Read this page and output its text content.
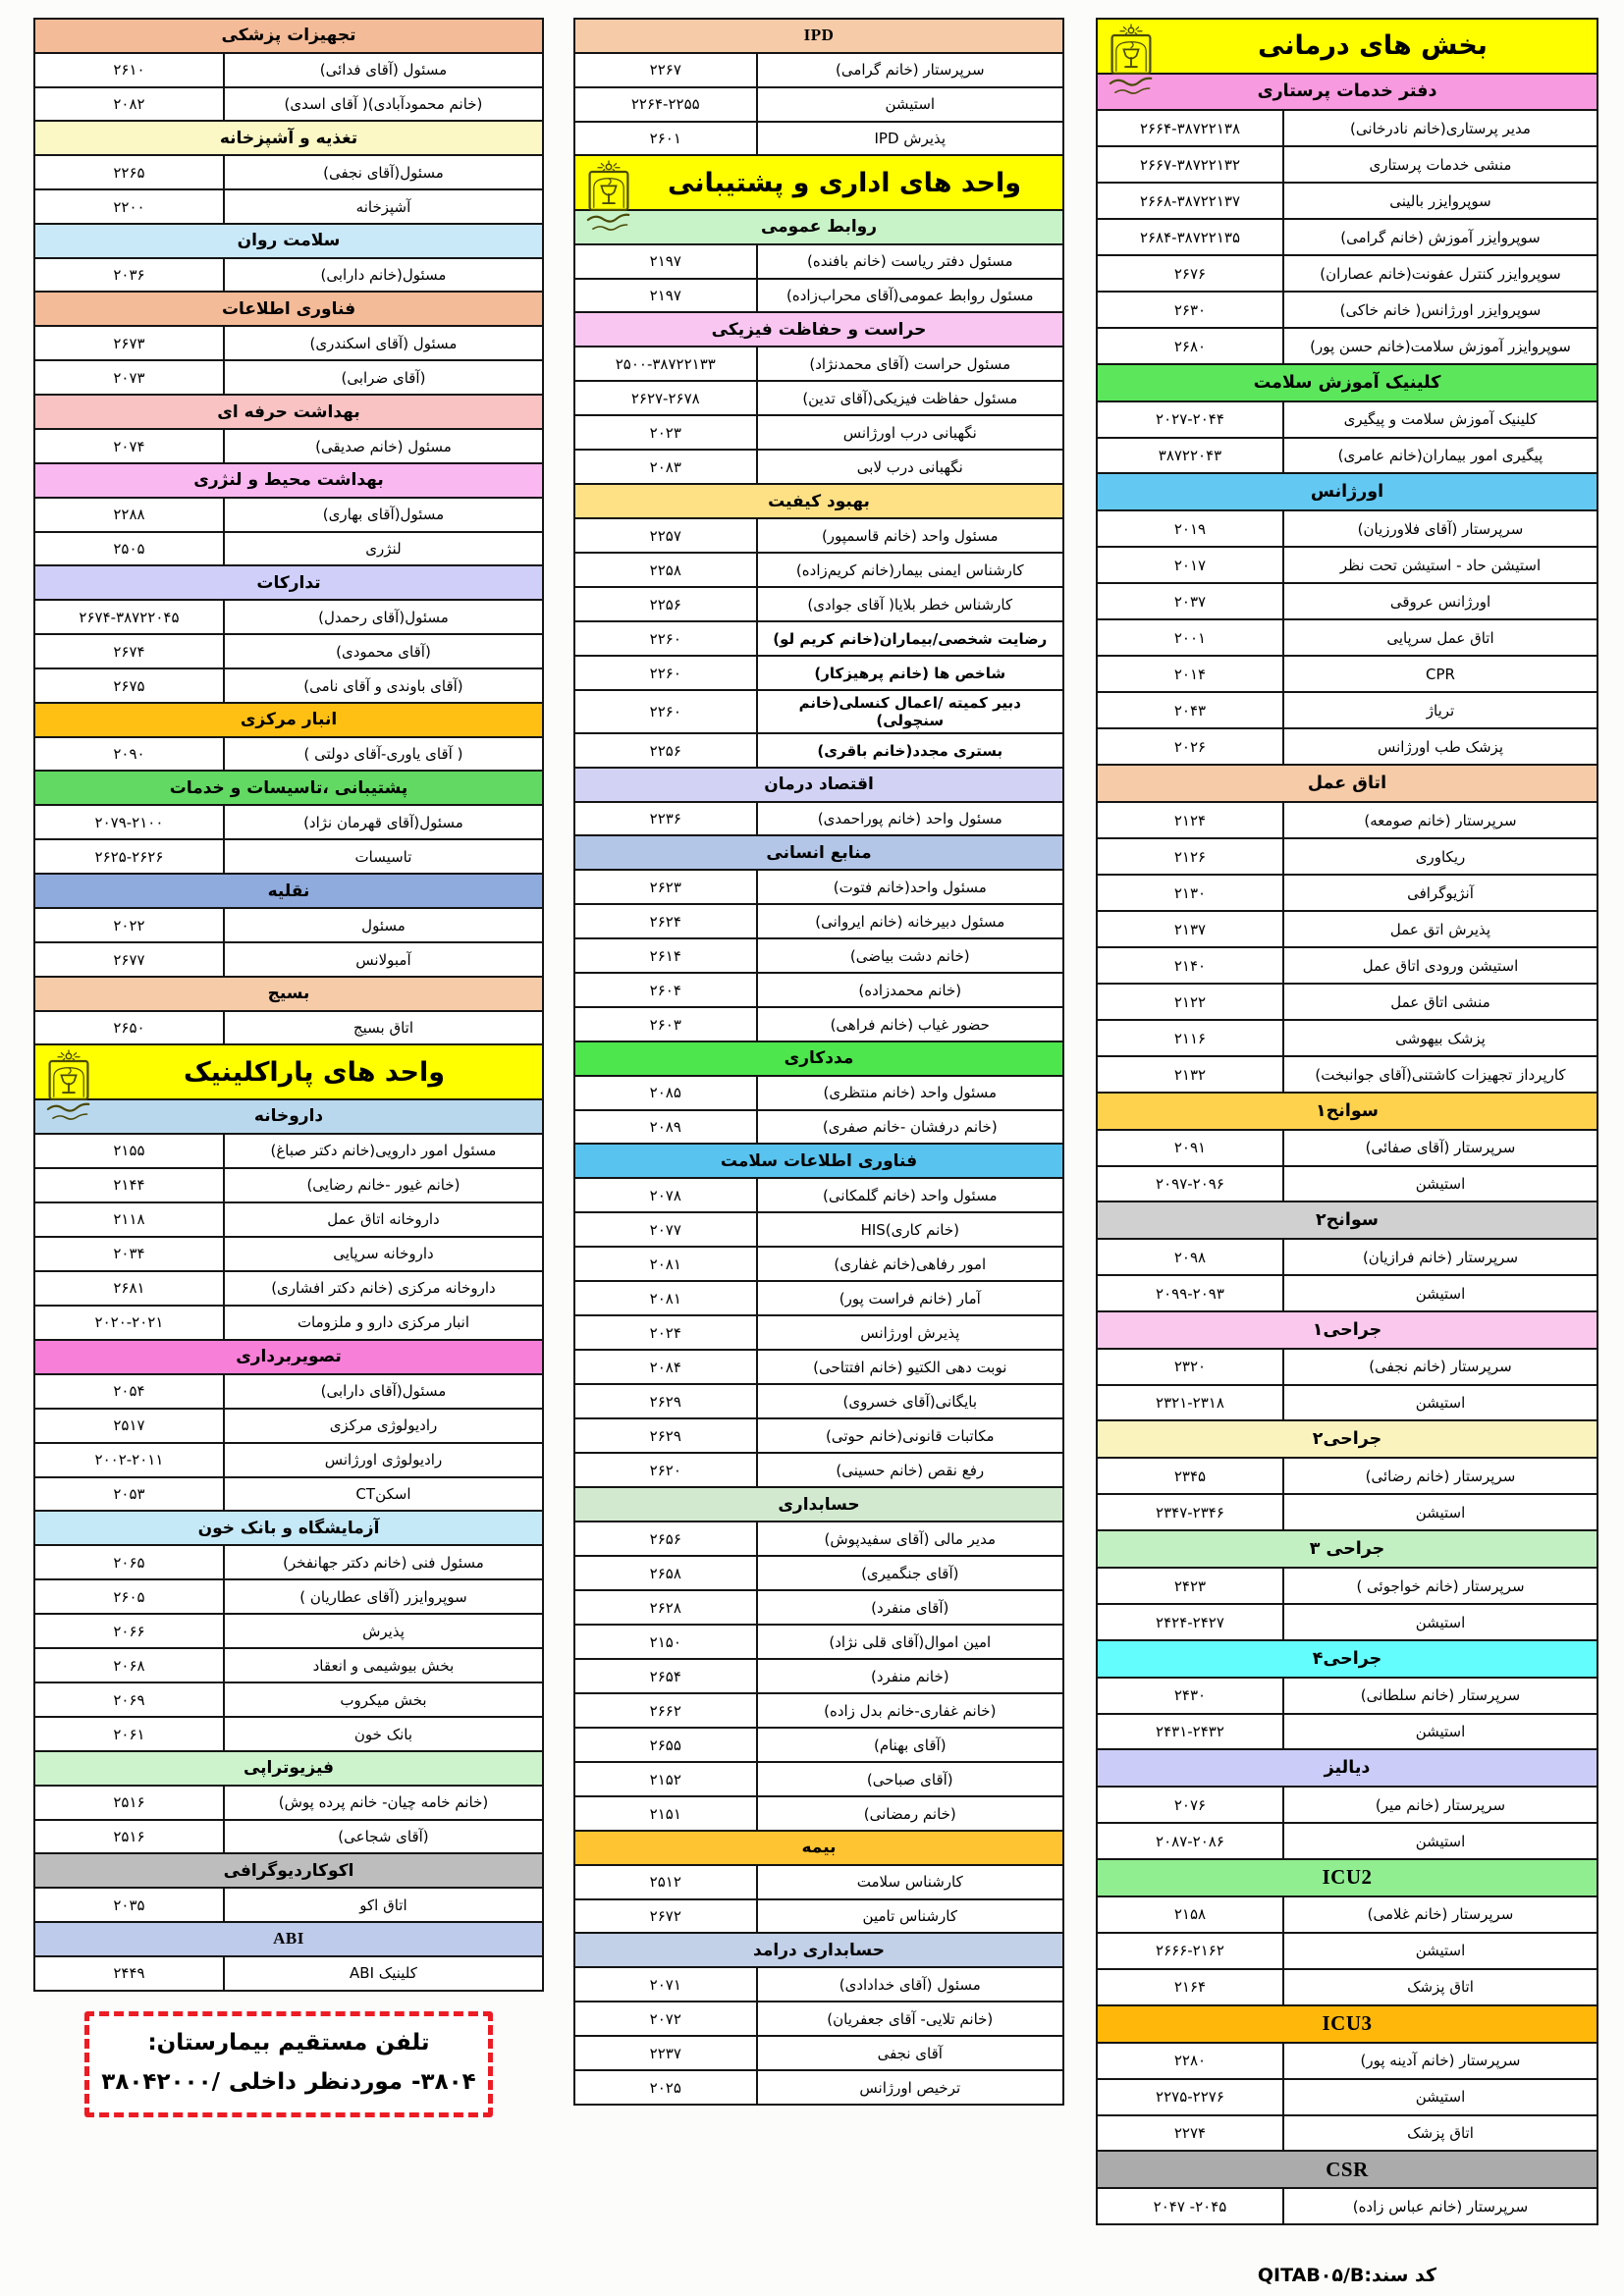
بخش های درمانی
دفتر خدمات پرستاری
مدیر پرستاری(خانم نادرخانی)
۲۶۶۴-۳۸۷۲۲۱۳۸
منشی خدمات پرستاری
۲۶۶۷-۳۸۷۲۲۱۳۲
سوپروایزر بالینی
۲۶۶۸-۳۸۷۲۲۱۳۷
سوپروایزر آموزش (خانم گرامی)
۲۶۸۴-۳۸۷۲۲۱۳۵
سوپروایزر کنترل عفونت(خانم عصاران)
۲۶۷۶
سوپروایزر اورژانس( خانم خاکی)
۲۶۳۰
سوپروایزر آموزش سلامت(خانم حسن پور)
۲۶۸۰
کلینیک آموزش سلامت
کلینیک آموزش سلامت و پیگیری
۲۰۲۷-۲۰۴۴
پیگیری امور بیماران(خانم عامری)
۳۸۷۲۲۰۴۳
اورژانس
سرپرستار (آقای فلاورزیان)
۲۰۱۹
استیشن حاد - استیشن تحت نظر
۲۰۱۷
اورژانس عروقی
۲۰۳۷
اتاق عمل سرپایی
۲۰۰۱
CPR
۲۰۱۴
تریاژ
۲۰۴۳
پزشک طب اورژانس
۲۰۲۶
اتاق عمل
سرپرستار (خانم صومعه)
۲۱۲۴
ریکاوری
۲۱۲۶
آنژیوگرافی
۲۱۳۰
پذیرش اتق عمل
۲۱۳۷
استیشن ورودی اتاق عمل
۲۱۴۰
منشی اتاق عمل
۲۱۲۲
پزشک بیهوشی
۲۱۱۶
کارپرداز تجهیزات کاشتنی(آقای جوانبخت)
۲۱۳۲
سوانح۱
سرپرستار (آقای صفائی)
۲۰۹۱
استیشن
۲۰۹۷-۲۰۹۶
سوانح۲
سرپرستار (خانم فرازیان)
۲۰۹۸
استیشن
۲۰۹۹-۲۰۹۳
جراحی۱
سرپرستار (خانم نجفی)
۲۳۲۰
استیشن
۲۳۲۱-۲۳۱۸
جراحی۲
سرپرستار (خانم رضائی)
۲۳۴۵
استیشن
۲۳۴۷-۲۳۴۶
جراحی ۳
سرپرستار (خانم خواجوئی )
۲۴۲۳
استیشن
۲۴۲۴-۲۴۲۷
جراحی۴
سرپرستار (خانم سلطانی)
۲۴۳۰
استیشن
۲۴۳۱-۲۴۳۲
دیالیز
سرپرستار (خانم میر)
۲۰۷۶
استیشن
۲۰۸۷-۲۰۸۶
ICU2
سرپرستار (خانم غلامی)
۲۱۵۸
استیشن
۲۶۶۶-۲۱۶۲
اتاق پزشک
۲۱۶۴
ICU3
سرپرستار (خانم آدینه پور)
۲۲۸۰
استیشن
۲۲۷۵-۲۲۷۶
اتاق پزشک
۲۲۷۴
CSR
سرپرستار (خانم عباس زاده)
۲۰۴۷ -۲۰۴۵
کد سند:QITAB۰۵/B
IPD
سرپرستار (خانم گرامی)
۲۲۶۷
استیشن
۲۲۶۴-۲۲۵۵
پذیرش IPD
۲۶۰۱
واحد های اداری و پشتیبانی
روابط عمومی
مسئول دفتر ریاست (خانم بافنده)
۲۱۹۷
مسئول روابط عمومی(آقای محراب‌زاده)
۲۱۹۷
حراست و حفاظت فیزیکی
مسئول حراست (آقای محمدنژاد)
۲۵۰۰-۳۸۷۲۲۱۳۳
مسئول حفاظت فیزیکی(آقای تدین)
۲۶۲۷-۲۶۷۸
نگهبانی درب اورژانس
۲۰۲۳
نگهبانی درب لابی
۲۰۸۳
بهبود کیفیت
مسئول واحد (خانم قاسمپور)
۲۲۵۷
کارشناس ایمنی بیمار(خانم کریم‌زاده)
۲۲۵۸
کارشناس خطر بلایا( آقای جوادی)
۲۲۵۶
رضایت شخصی/بیماران(خانم کریم لو)
۲۲۶۰
شاخص ها (خانم پرهیزکار)
۲۲۶۰
دبیر کمیته /اعمال کنسلی(خانم سنچولی)
۲۲۶۰
بستری مجدد(خانم باقری)
۲۲۵۶
اقتصاد درمان
مسئول واحد (خانم پوراحمدی)
۲۲۳۶
منابع انسانی
مسئول واحد(خانم فتوت)
۲۶۲۳
مسئول دبیرخانه (خانم ایروانی)
۲۶۲۴
(خانم دشت بیاضی)
۲۶۱۴
(خانم محمدزاده)
۲۶۰۴
حضور غیاب (خانم فراهی)
۲۶۰۳
مددکاری
مسئول واحد (خانم منتظری)
۲۰۸۵
(خانم درفشان -خانم صفری)
۲۰۸۹
فناوری اطلاعات سلامت
مسئول واحد (خانم گلمکانی)
۲۰۷۸
HIS (خانم کاری)
۲۰۷۷
امور رفاهی(خانم غفاری)
۲۰۸۱
آمار (خانم فراست پور)
۲۰۸۱
پذیرش اورژانس
۲۰۲۴
نوبت دهی الکتیو (خانم افتتاحی)
۲۰۸۴
بایگانی(آقای خسروی)
۲۶۲۹
مکاتبات قانونی(خانم حوتی)
۲۶۲۹
رفع نقص (خانم حسینی)
۲۶۲۰
حسابداری
مدیر مالی (آقای سفیدپوش)
۲۶۵۶
(آقای جنگمیری)
۲۶۵۸
(آقای منفرد)
۲۶۲۸
امین اموال(آقای قلی نژاد)
۲۱۵۰
(خانم منفرد)
۲۶۵۴
(خانم غفاری-خانم بدل زاده)
۲۶۶۲
(آقای بهنام)
۲۶۵۵
(آقای صباحی)
۲۱۵۲
(خانم رمضانی)
۲۱۵۱
بیمه
کارشناس سلامت
۲۵۱۲
کارشناس تامین
۲۶۷۲
حسابداری درامد
مسئول (آقای خدادادی)
۲۰۷۱
(خانم تلایی- آقای جعفریان)
۲۰۷۲
آقای نجفی
۲۲۳۷
ترخیص اورژانس
۲۰۲۵
تجهیزات پزشکی
مسئول (آقای فدائی)
۲۶۱۰
(خانم محمودآبادی)( آقای اسدی)
۲۰۸۲
تغذیه و آشپزخانه
مسئول(آقای نجفی)
۲۲۶۵
آشپزخانه
۲۲۰۰
سلامت روان
مسئول(خانم دارابی)
۲۰۳۶
فناوری اطلاعات
مسئول (آقای اسکندری)
۲۶۷۳
(آقای ضرابی)
۲۰۷۳
بهداشت حرفه ای
مسئول (خانم صدیقی)
۲۰۷۴
بهداشت محیط و لنژری
مسئول(آقای بهاری)
۲۲۸۸
لنژری
۲۵۰۵
تدارکات
مسئول(آقای رحمدل)
۲۶۷۴-۳۸۷۲۲۰۴۵
(آقای محمودی)
۲۶۷۴
(آقای باوندی و آقای نامی)
۲۶۷۵
انبار مرکزی
( آقای یاوری-آقای دولتی )
۲۰۹۰
پشتیبانی ،تاسیسات و خدمات
مسئول(آقای قهرمان نژاد)
۲۰۷۹-۲۱۰۰
تاسیسات
۲۶۲۵-۲۶۲۶
نقلیه
مسئول
۲۰۲۲
آمبولانس
۲۶۷۷
بسیج
اتاق بسیج
۲۶۵۰
واحد های پاراکلینیک
داروخانه
مسئول امور دارویی(خانم دکتر صباغ)
۲۱۵۵
(خانم غیور -خانم رضایی)
۲۱۴۴
داروخانه اتاق عمل
۲۱۱۸
داروخانه سرپایی
۲۰۳۴
داروخانه مرکزی (خانم دکتر افشاری)
۲۶۸۱
انبار مرکزی دارو و ملزومات
۲۰۲۰-۲۰۲۱
تصویربرداری
مسئول(آقای دارابی)
۲۰۵۴
رادیولوژی مرکزی
۲۵۱۷
رادیولوژی اورژانس
۲۰۰۲-۲۰۱۱
CT اسکن
۲۰۵۳
آزمایشگاه و بانک خون
مسئول فنی (خانم دکتر جهانفخر)
۲۰۶۵
سوپروایزر (آقای عطاریان )
۲۶۰۵
پذیرش
۲۰۶۶
بخش بیوشیمی و انعقاد
۲۰۶۸
بخش میکروب
۲۰۶۹
بانک خون
۲۰۶۱
فیزیوتراپی
(خانم خامه چیان- خانم پرده پوش)
۲۵۱۶
(آقای شجاعی)
۲۵۱۶
اکوکاردیوگرافی
اتاق اکو
۲۰۳۵
ABI
کلینیک ABI
۲۴۴۹
تلفن مستقیم بیمارستان:
۳۸۰۴۲۰۰۰/ داخلی موردنظر -۳۸۰۴
